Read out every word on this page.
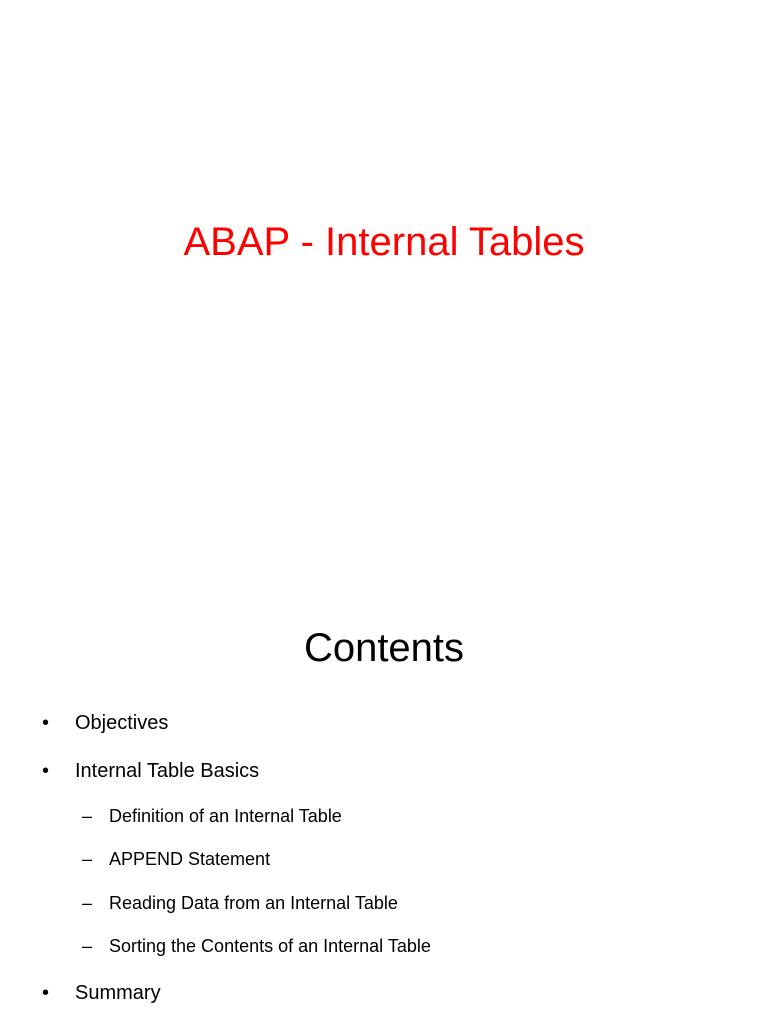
ABAP - Internal Tables
Contents
• Objectives
• Internal Table Basics
– Definition of an Internal Table
– APPEND Statement
– Reading Data from an Internal Table
– Sorting the Contents of an Internal Table
• Summary
